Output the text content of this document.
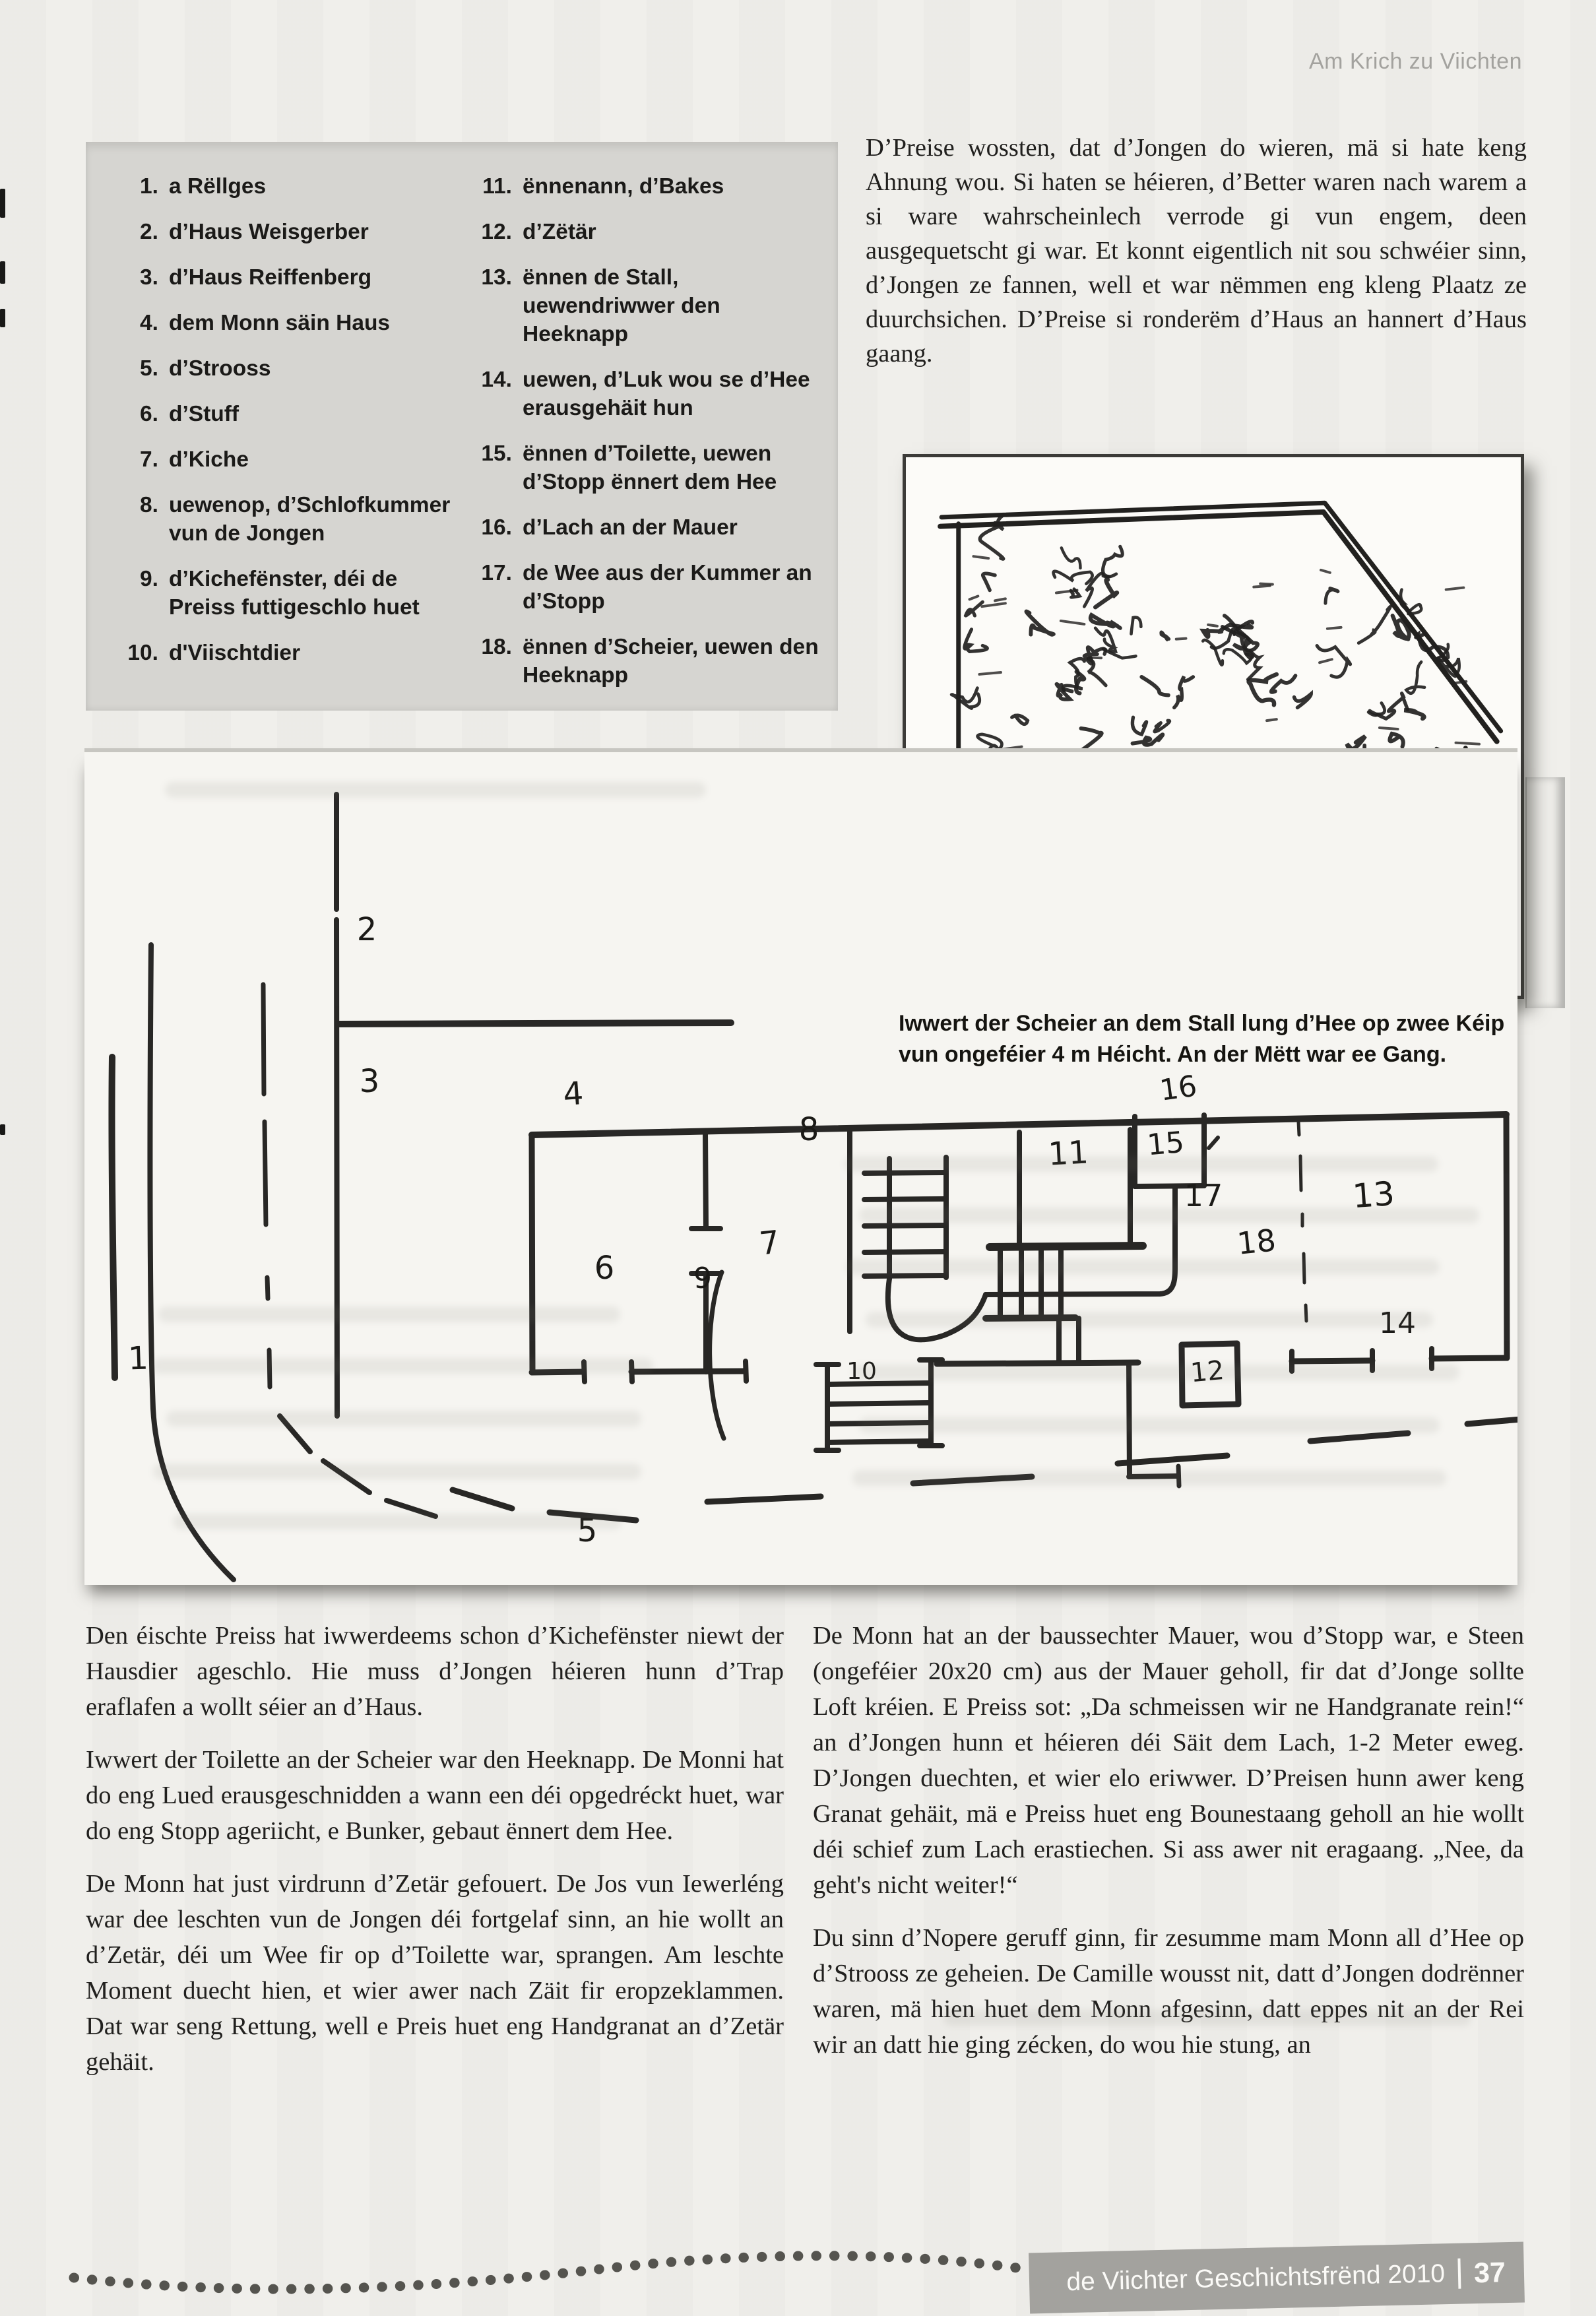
Am Krich zu Viichten
1. a Rëllges
2. d’Haus Weisgerber
3. d’Haus Reiffenberg
4. dem Monn säin Haus
5. d’Strooss
6. d’Stuff
7. d’Kiche
8. uewenop, d’Schlofkummer vun de Jongen
9. d’Kichefënster, déi de Preiss futtigeschlo huet
10. d'Viischtdier
11. ënnenann, d’Bakes
12. d’Zëtär
13. ënnen de Stall, uewendriwwer den Heeknapp
14. uewen, d’Luk wou se d’Hee erausgehäit hun
15. ënnen d’Toilette, uewen d’Stopp ënnert dem Hee
16. d’Lach an der Mauer
17. de Wee aus der Kummer an d’Stopp
18. ënnen d’Scheier, uewen den Heeknapp
D’Preise wossten, dat d’Jongen do wieren, mä si hate keng Ahnung wou. Si haten se héieren, d’Better waren nach warem a si ware wahrscheinlech verrode gi vun engem, deen ausgequetscht gi war. Et konnt eigentlich nit sou schwéier sinn, d’Jongen ze fannen, well et war nëmmen eng kleng Plaatz ze duurchsichen. D’Preise si ronderëm d’Haus an hannert d’Haus gaang.
1
2
3	4
5
6
7
8
9
10
11
12
13
14
15
16
17
18
Iwwert der Scheier an dem Stall lung d’Hee op zwee Kéip vun ongeféier 4 m Héicht. An der Mëtt war ee Gang.

Den éischte Preiss hat iwwerdeems schon d’Kichefënster niewt der Hausdier ageschlo. Hie muss d’Jongen héieren hunn d’Trap eraflafen a wollt séier an d’Haus.

Iwwert der Toilette an der Scheier war den Heeknapp. De Monni hat do eng Lued erausgeschnidden a wann een déi opgedréckt huet, war do eng Stopp ageriicht, e Bunker, gebaut ënnert dem Hee.

De Monn hat just virdrunn d’Zetär gefouert. De Jos vun Iewerléng war dee leschten vun de Jongen déi fortgelaf sinn, an hie wollt an d’Zetär, déi um Wee fir op d’Toilette war, sprangen. Am leschte Moment duecht hien, et wier awer nach Zäit fir eropzeklammen. Dat war seng Rettung, well e Preis huet eng Handgranat an d’Zetär gehäit.

De Monn hat an der baussechter Mauer, wou d’Stopp war, e Steen (ongeféier 20x20 cm) aus der Mauer geholl, fir dat d’Jonge sollte Loft kréien. E Preiss sot: „Da schmeissen wir ne Handgranate rein!“ an d’Jongen hunn et héieren déi Säit dem Lach, 1-2 Meter eweg. D’Jongen duechten, et wier elo eriwwer. D’Preisen hunn awer keng Granat gehäit, mä e Preiss huet eng Bounestaang geholl an hie wollt déi schief zum Lach erastiechen. Si ass awer nit eragaang. „Nee, da geht's nicht weiter!“

Du sinn d’Nopere geruff ginn, fir zesumme mam Monn all d’Hee op d’Strooss ze geheien. De Camille wousst nit, datt d’Jongen dodrënner waren, mä hien huet dem Monn afgesinn, datt eppes nit an der Rei wir an datt hie ging zécken, do wou hie stung, an

de Viichter Geschichtsfrënd 2010 37
